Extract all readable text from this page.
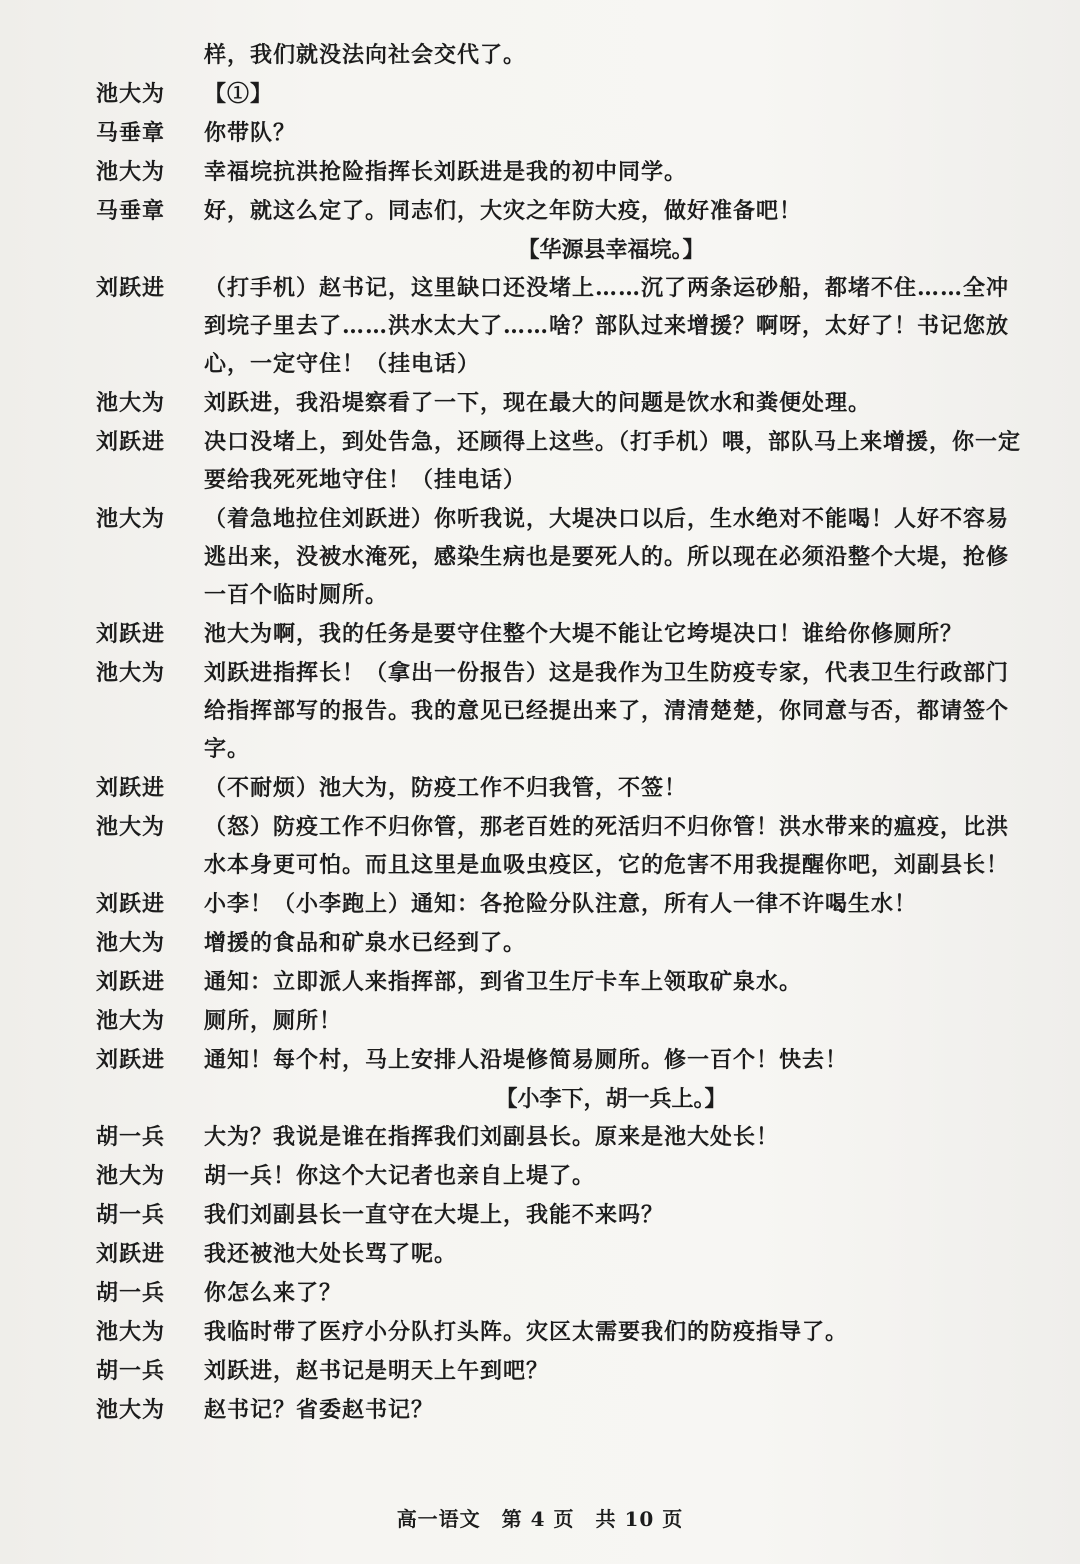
样，我们就没法向社会交代了。
池大为	【①】
马垂章	你带队？
池大为	幸福垸抗洪抢险指挥长刘跃进是我的初中同学。
马垂章	好，就这么定了。同志们，大灾之年防大疫，做好准备吧！
【华源县幸福垸。】
刘跃进	（打手机）赵书记，这里缺口还没堵上……沉了两条运砂船，都堵不住……全冲到垸子里去了……洪水太大了……啥？部队过来增援？啊呀，太好了！书记您放心，一定守住！（挂电话）
池大为	刘跃进，我沿堤察看了一下，现在最大的问题是饮水和粪便处理。
刘跃进	决口没堵上，到处告急，还顾得上这些。（打手机）喂，部队马上来增援，你一定要给我死死地守住！（挂电话）
池大为	（着急地拉住刘跃进）你听我说，大堤决口以后，生水绝对不能喝！人好不容易逃出来，没被水淹死，感染生病也是要死人的。所以现在必须沿整个大堤，抢修一百个临时厕所。
刘跃进	池大为啊，我的任务是要守住整个大堤不能让它垮堤决口！谁给你修厕所？
池大为	刘跃进指挥长！（拿出一份报告）这是我作为卫生防疫专家，代表卫生行政部门给指挥部写的报告。我的意见已经提出来了，清清楚楚，你同意与否，都请签个字。
刘跃进	（不耐烦）池大为，防疫工作不归我管，不签！
池大为	（怒）防疫工作不归你管，那老百姓的死活归不归你管！洪水带来的瘟疫，比洪水本身更可怕。而且这里是血吸虫疫区，它的危害不用我提醒你吧，刘副县长！
刘跃进	小李！（小李跑上）通知：各抢险分队注意，所有人一律不许喝生水！
池大为	增援的食品和矿泉水已经到了。
刘跃进	通知：立即派人来指挥部，到省卫生厅卡车上领取矿泉水。
池大为	厕所，厕所！
刘跃进	通知！每个村，马上安排人沿堤修简易厕所。修一百个！快去！
【小李下，胡一兵上。】
胡一兵	大为？我说是谁在指挥我们刘副县长。原来是池大处长！
池大为	胡一兵！你这个大记者也亲自上堤了。
胡一兵	我们刘副县长一直守在大堤上，我能不来吗？
刘跃进	我还被池大处长骂了呢。
胡一兵	你怎么来了？
池大为	我临时带了医疗小分队打头阵。灾区太需要我们的防疫指导了。
胡一兵	刘跃进，赵书记是明天上午到吧？
池大为	赵书记？省委赵书记？
高一语文　第 4 页　共 10 页
